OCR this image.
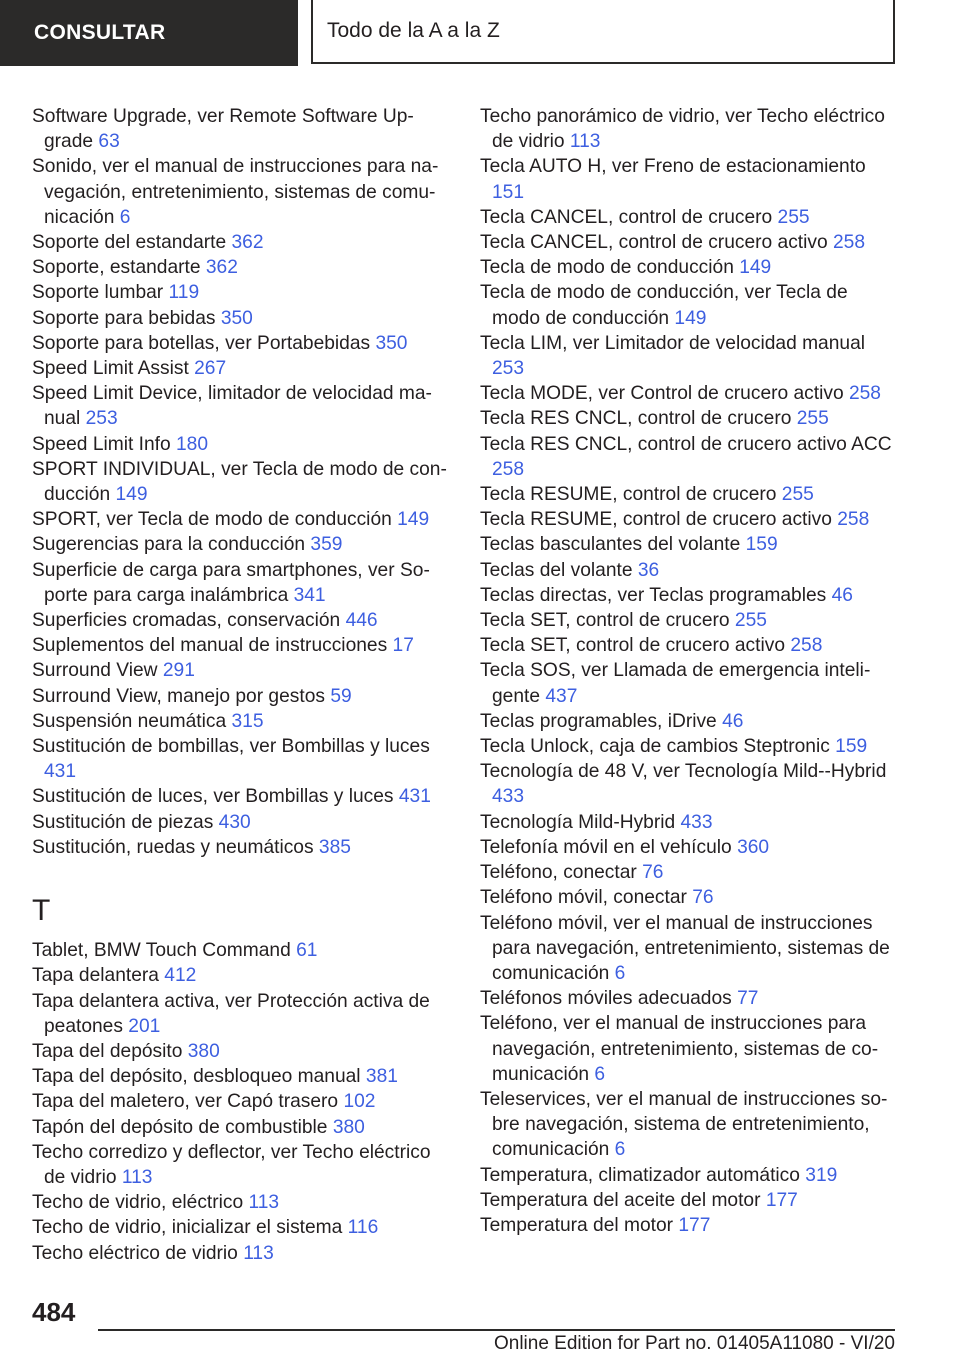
CONSULTAR	Todo de la A a la Z

Software Upgrade, ver Remote Software Upgrade 63

Sonido, ver el manual de instrucciones para navegación, entretenimiento, sistemas de comunicación 6

Soporte del estandarte 362

Soporte, estandarte 362

Soporte lumbar 119

Soporte para bebidas 350

Soporte para botellas, ver Portabebidas 350

Speed Limit Assist 267

Speed Limit Device, limitador de velocidad manual 253

Speed Limit Info 180

SPORT INDIVIDUAL, ver Tecla de modo de conducción 149

SPORT, ver Tecla de modo de conducción 149

Sugerencias para la conducción 359

Superficie de carga para smartphones, ver Soporte para carga inalámbrica 341

Superficies cromadas, conservación 446

Suplementos del manual de instrucciones 17

Surround View 291

Surround View, manejo por gestos 59

Suspensión neumática 315

Sustitución de bombillas, ver Bombillas y luces 431

Sustitución de luces, ver Bombillas y luces 431

Sustitución de piezas 430

Sustitución, ruedas y neumáticos 385

T

Tablet, BMW Touch Command 61

Tapa delantera 412

Tapa delantera activa, ver Protección activa de peatones 201

Tapa del depósito 380

Tapa del depósito, desbloqueo manual 381

Tapa del maletero, ver Capó trasero 102

Tapón del depósito de combustible 380

Techo corredizo y deflector, ver Techo eléctrico de vidrio 113

Techo de vidrio, eléctrico 113

Techo de vidrio, inicializar el sistema 116

Techo eléctrico de vidrio 113

Techo panorámico de vidrio, ver Techo eléctrico de vidrio 113

Tecla AUTO H, ver Freno de estacionamiento 151

Tecla CANCEL, control de crucero 255

Tecla CANCEL, control de crucero activo 258

Tecla de modo de conducción 149

Tecla de modo de conducción, ver Tecla de modo de conducción 149

Tecla LIM, ver Limitador de velocidad manual 253

Tecla MODE, ver Control de crucero activo 258

Tecla RES CNCL, control de crucero 255

Tecla RES CNCL, control de crucero activo ACC 258

Tecla RESUME, control de crucero 255

Tecla RESUME, control de crucero activo 258

Teclas basculantes del volante 159

Teclas del volante 36

Teclas directas, ver Teclas programables 46

Tecla SET, control de crucero 255

Tecla SET, control de crucero activo 258

Tecla SOS, ver Llamada de emergencia inteligente 437

Teclas programables, iDrive 46

Tecla Unlock, caja de cambios Steptronic 159

Tecnología de 48 V, ver Tecnología Mild‑‑Hybrid 433

Tecnología Mild-Hybrid 433

Telefonía móvil en el vehículo 360

Teléfono, conectar 76

Teléfono móvil, conectar 76

Teléfono móvil, ver el manual de instrucciones para navegación, entretenimiento, sistemas de comunicación 6

Teléfonos móviles adecuados 77

Teléfono, ver el manual de instrucciones para navegación, entretenimiento, sistemas de comunicación 6

Teleservices, ver el manual de instrucciones sobre navegación, sistema de entretenimiento, comunicación 6

Temperatura, climatizador automático 319

Temperatura del aceite del motor 177

Temperatura del motor 177

484
Online Edition for Part no. 01405A11080 - VI/20
